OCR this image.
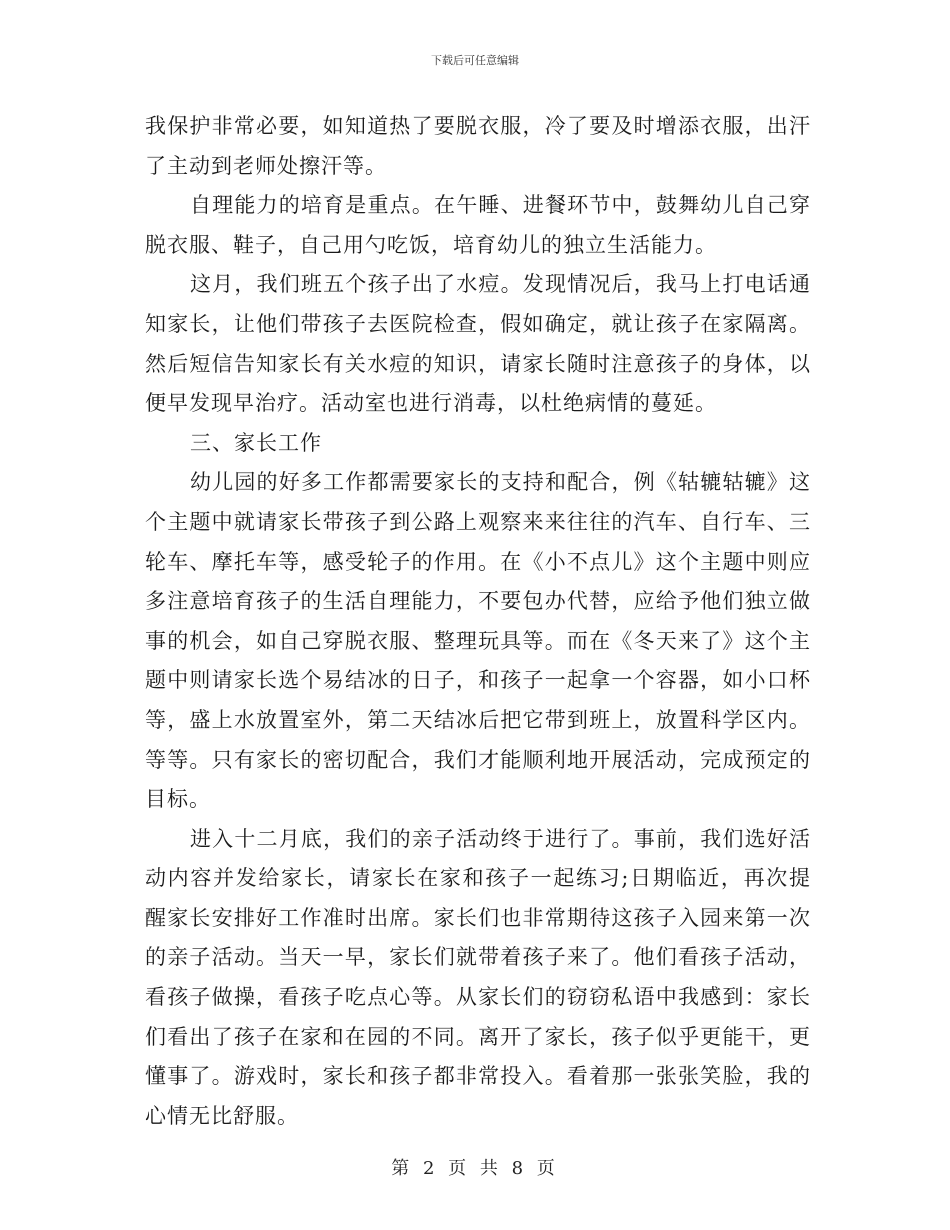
下载后可任意编辑

我保护非常必要，如知道热了要脱衣服，冷了要及时增添衣服，出汗了主动到老师处擦汗等。

自理能力的培育是重点。在午睡、进餐环节中，鼓舞幼儿自己穿脱衣服、鞋子，自己用勺吃饭，培育幼儿的独立生活能力。

这月，我们班五个孩子出了水痘。发现情况后，我马上打电话通知家长，让他们带孩子去医院检查，假如确定，就让孩子在家隔离。然后短信告知家长有关水痘的知识，请家长随时注意孩子的身体，以便早发现早治疗。活动室也进行消毒，以杜绝病情的蔓延。

三、家长工作

幼儿园的好多工作都需要家长的支持和配合，例《轱辘轱辘》这个主题中就请家长带孩子到公路上观察来来往往的汽车、自行车、三轮车、摩托车等，感受轮子的作用。在《小不点儿》这个主题中则应多注意培育孩子的生活自理能力，不要包办代替，应给予他们独立做事的机会，如自己穿脱衣服、整理玩具等。而在《冬天来了》这个主题中则请家长选个易结冰的日子，和孩子一起拿一个容器，如小口杯等，盛上水放置室外，第二天结冰后把它带到班上，放置科学区内。等等。只有家长的密切配合，我们才能顺利地开展活动，完成预定的目标。

进入十二月底，我们的亲子活动终于进行了。事前，我们选好活动内容并发给家长，请家长在家和孩子一起练习;日期临近，再次提醒家长安排好工作准时出席。家长们也非常期待这孩子入园来第一次的亲子活动。当天一早，家长们就带着孩子来了。他们看孩子活动，看孩子做操，看孩子吃点心等。从家长们的窃窃私语中我感到：家长们看出了孩子在家和在园的不同。离开了家长，孩子似乎更能干，更懂事了。游戏时，家长和孩子都非常投入。看着那一张张笑脸，我的心情无比舒服。

第 2 页 共 8 页
